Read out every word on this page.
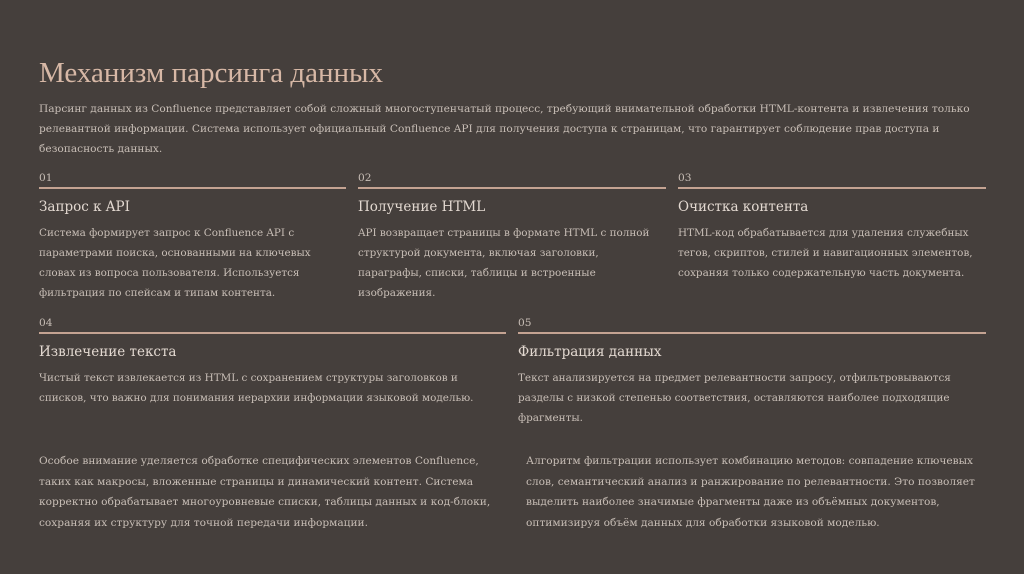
Механизм парсинга данных

Парсинг данных из Confluence представляет собой сложный многоступенчатый процесс, требующий внимательной обработки HTML-контента и извлечения только релевантной информации. Система использует официальный Confluence API для получения доступа к страницам, что гарантирует соблюдение прав доступа и безопасность данных.

01
Запрос к API
Система формирует запрос к Confluence API с параметрами поиска, основанными на ключевых словах из вопроса пользователя. Используется фильтрация по спейсам и типам контента.
02
Получение HTML
API возвращает страницы в формате HTML с полной структурой документа, включая заголовки, параграфы, списки, таблицы и встроенные изображения.
03
Очистка контента
HTML-код обрабатывается для удаления служебных тегов, скриптов, стилей и навигационных элементов, сохраняя только содержательную часть документа.
04
Извлечение текста
Чистый текст извлекается из HTML с сохранением структуры заголовков и списков, что важно для понимания иерархии информации языковой моделью.
05
Фильтрация данных
Текст анализируется на предмет релевантности запросу, отфильтровываются разделы с низкой степенью соответствия, оставляются наиболее подходящие фрагменты.

Особое внимание уделяется обработке специфических элементов Confluence, таких как макросы, вложенные страницы и динамический контент. Система корректно обрабатывает многоуровневые списки, таблицы данных и код-блоки, сохраняя их структуру для точной передачи информации.

Алгоритм фильтрации использует комбинацию методов: совпадение ключевых слов, семантический анализ и ранжирование по релевантности. Это позволяет выделить наиболее значимые фрагменты даже из объёмных документов, оптимизируя объём данных для обработки языковой моделью.
